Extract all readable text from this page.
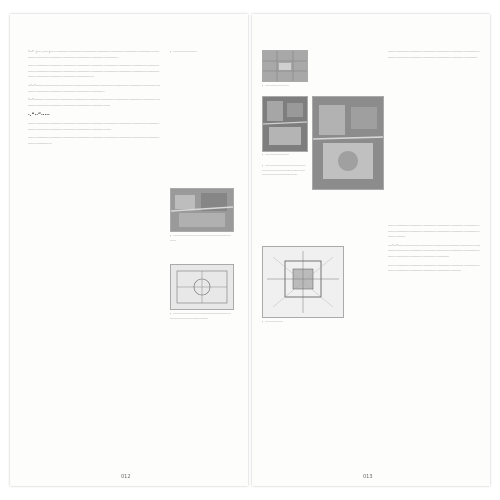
“··”（····：·····）·························································································································································································

·················································································································································································································································································································

··“··”··························································································································································································

“··”·································································································································································································

·.“··”·····

·······································································································································································································

················································································································································

· ························
· ·································································
· ··································································································
012
· ························
· ························
· ·························································································································
· ··················

········································································································································································

··························································································································································································

····“··”··························································································································································································································

·························································································································································

013
